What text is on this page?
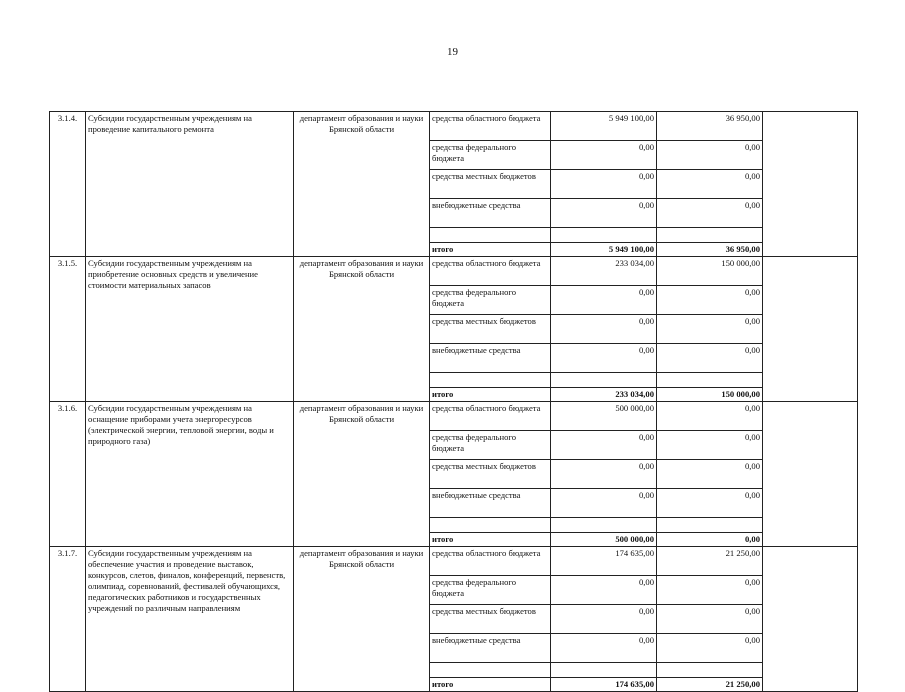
19
3.1.4.	Субсидии государственным учреждениям на проведение капитального ремонта	департамент образования и науки Брянской области	средства областного бюджета	5 949 100,00	36 950,00	
			средства федерального бюджета	0,00	0,00	
			средства местных бюджетов	0,00	0,00	
			внебюджетные средства	0,00	0,00	

			итого	5 949 100,00	36 950,00	
3.1.5.	Субсидии государственным учреждениям на приобретение основных средств и увеличение стоимости материальных запасов	департамент образования и науки Брянской области	средства областного бюджета	233 034,00	150 000,00	
			средства федерального бюджета	0,00	0,00	
			средства местных бюджетов	0,00	0,00	
			внебюджетные средства	0,00	0,00	

			итого	233 034,00	150 000,00	
3.1.6.	Субсидии государственным учреждениям на оснащение приборами учета энергоресурсов (электрической энергии, тепловой энергии, воды и природного газа)	департамент образования и науки Брянской области	средства областного бюджета	500 000,00	0,00	
			средства федерального бюджета	0,00	0,00	
			средства местных бюджетов	0,00	0,00	
			внебюджетные средства	0,00	0,00	

			итого	500 000,00	0,00	
3.1.7.	Субсидии государственным учреждениям на обеспечение участия и проведение выставок, конкурсов, слетов, финалов, конференций, первенств, олимпиад, соревнований, фестивалей обучающихся, педагогических работников и государственных учреждений по различным направлениям	департамент образования и науки Брянской области	средства областного бюджета	174 635,00	21 250,00	
			средства федерального бюджета	0,00	0,00	
			средства местных бюджетов	0,00	0,00	
			внебюджетные средства	0,00	0,00	

			итого	174 635,00	21 250,00	
